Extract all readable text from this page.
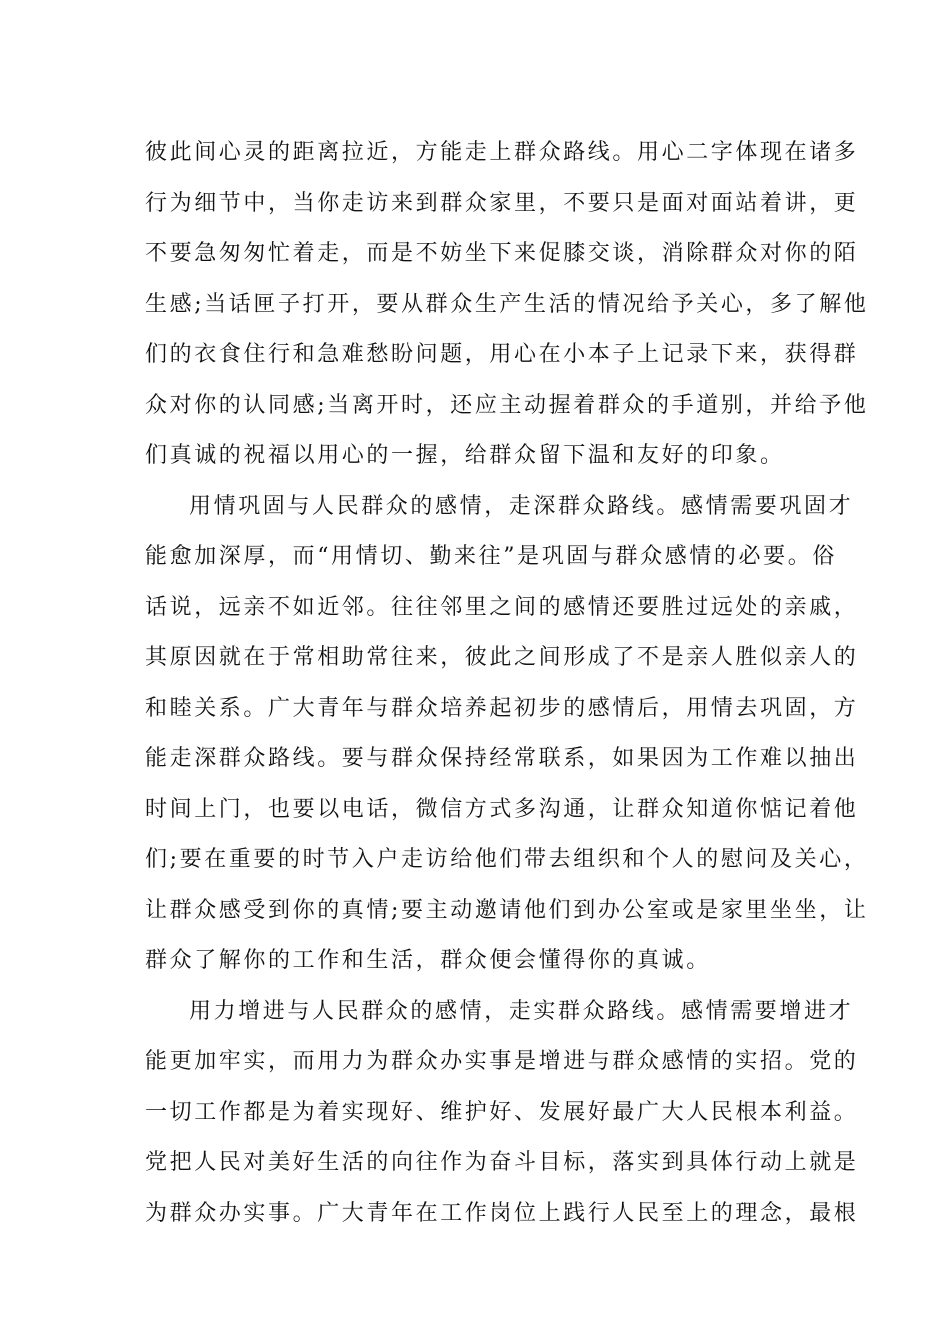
彼此间心灵的距离拉近，方能走上群众路线。用心二字体现在诸多
行为细节中，当你走访来到群众家里，不要只是面对面站着讲，更
不要急匆匆忙着走，而是不妨坐下来促膝交谈，消除群众对你的陌
生感;当话匣子打开，要从群众生产生活的情况给予关心，多了解他
们的衣食住行和急难愁盼问题，用心在小本子上记录下来，获得群
众对你的认同感;当离开时，还应主动握着群众的手道别，并给予他
们真诚的祝福以用心的一握，给群众留下温和友好的印象。
用情巩固与人民群众的感情，走深群众路线。感情需要巩固才
能愈加深厚，而“用情切、勤来往”是巩固与群众感情的必要。俗
话说，远亲不如近邻。往往邻里之间的感情还要胜过远处的亲戚，
其原因就在于常相助常往来，彼此之间形成了不是亲人胜似亲人的
和睦关系。广大青年与群众培养起初步的感情后，用情去巩固，方
能走深群众路线。要与群众保持经常联系，如果因为工作难以抽出
时间上门，也要以电话，微信方式多沟通，让群众知道你惦记着他
们;要在重要的时节入户走访给他们带去组织和个人的慰问及关心，
让群众感受到你的真情;要主动邀请他们到办公室或是家里坐坐，让
群众了解你的工作和生活，群众便会懂得你的真诚。
用力增进与人民群众的感情，走实群众路线。感情需要增进才
能更加牢实，而用力为群众办实事是增进与群众感情的实招。党的
一切工作都是为着实现好、维护好、发展好最广大人民根本利益。
党把人民对美好生活的向往作为奋斗目标，落实到具体行动上就是
为群众办实事。广大青年在工作岗位上践行人民至上的理念，最根
